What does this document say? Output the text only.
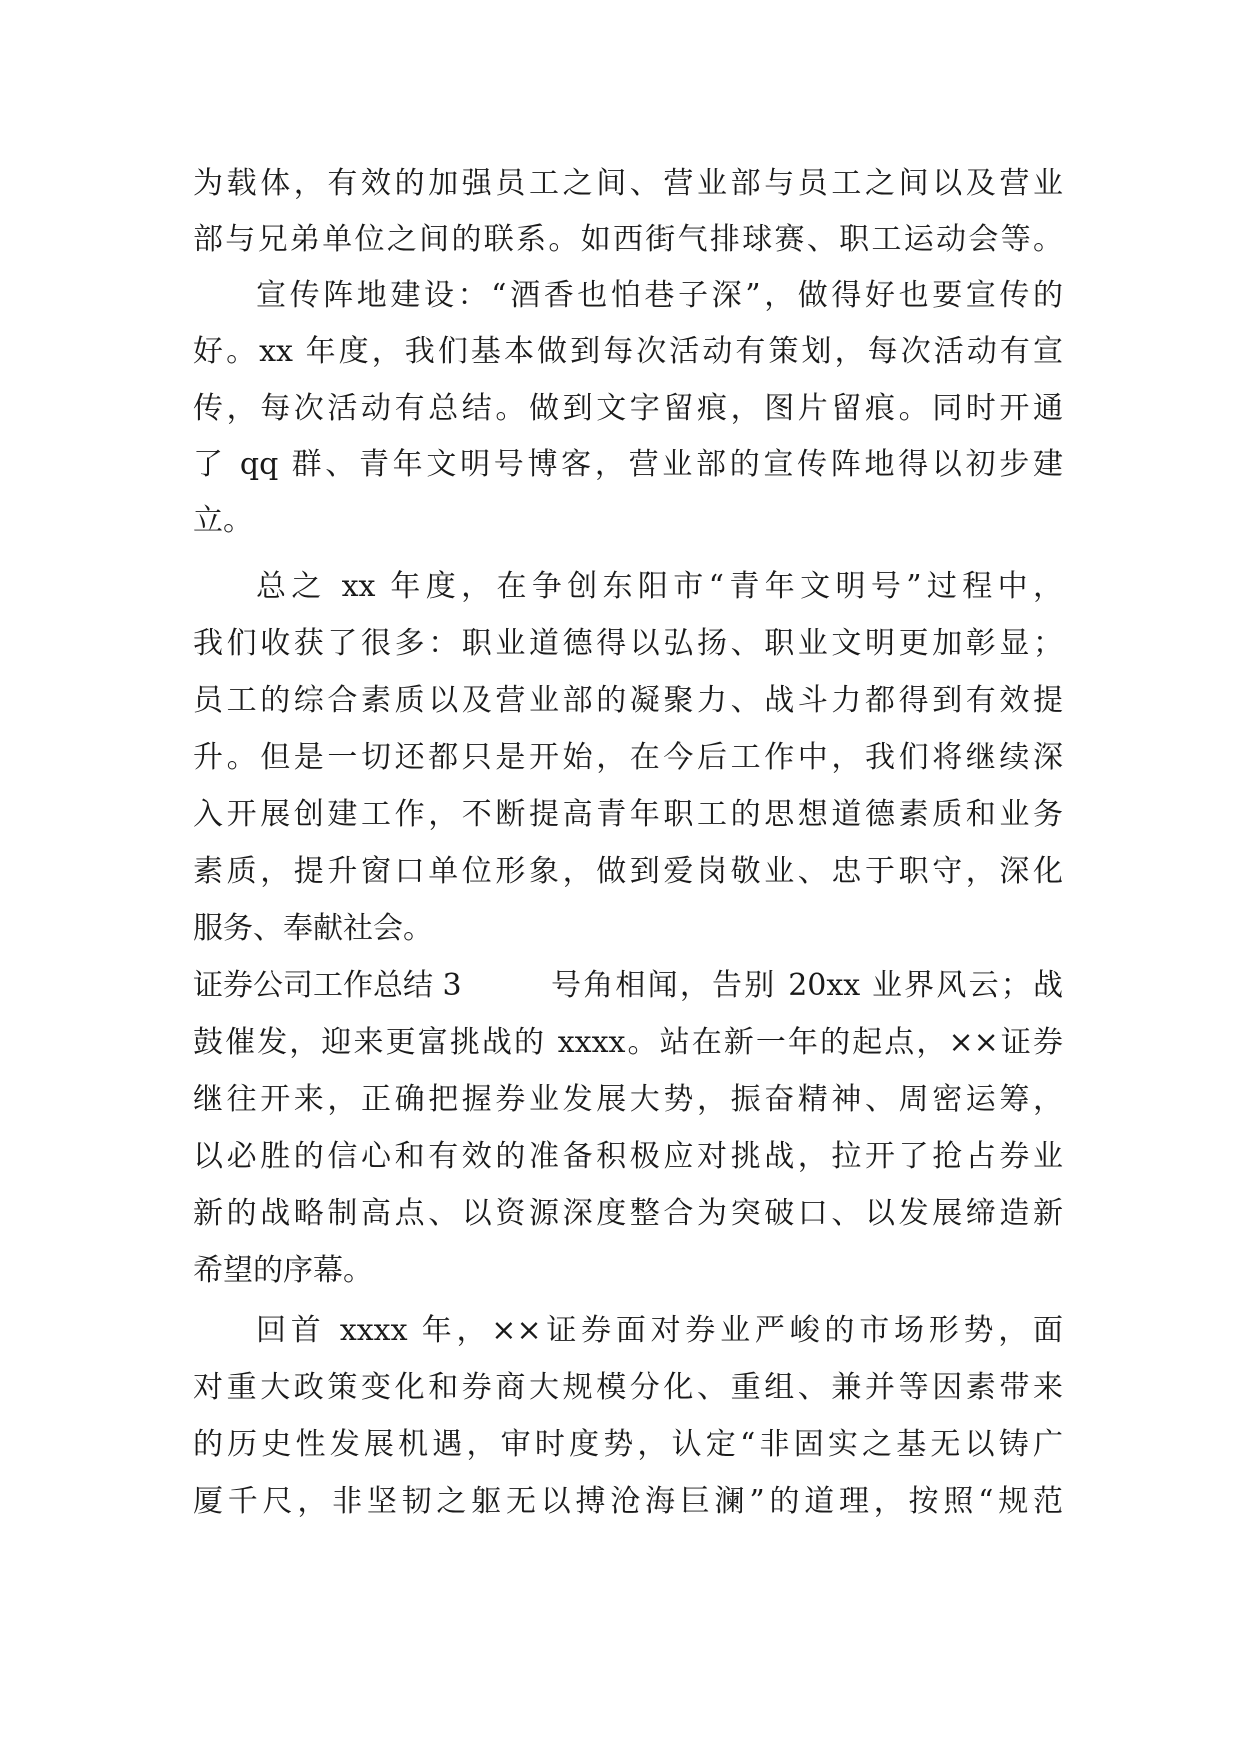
为载体，有效的加强员工之间、营业部与员工之间以及营业
部与兄弟单位之间的联系。如西街气排球赛、职工运动会等。
宣传阵地建设：“酒香也怕巷子深”，做得好也要宣传的
好。xx 年度，我们基本做到每次活动有策划，每次活动有宣
传，每次活动有总结。做到文字留痕，图片留痕。同时开通
了 qq 群、青年文明号博客，营业部的宣传阵地得以初步建
立。
总之 xx 年度，在争创东阳市“青年文明号”过程中，
我们收获了很多：职业道德得以弘扬、职业文明更加彰显；
员工的综合素质以及营业部的凝聚力、战斗力都得到有效提
升。但是一切还都只是开始，在今后工作中，我们将继续深
入开展创建工作，不断提高青年职工的思想道德素质和业务
素质，提升窗口单位形象，做到爱岗敬业、忠于职守，深化
服务、奉献社会。
证券公司工作总结 3	号角相闻，告别 20xx 业界风云；战
鼓催发，迎来更富挑战的 xxxx。站在新一年的起点，××证券
继往开来，正确把握券业发展大势，振奋精神、周密运筹，
以必胜的信心和有效的准备积极应对挑战，拉开了抢占券业
新的战略制高点、以资源深度整合为突破口、以发展缔造新
希望的序幕。
回首 xxxx 年，××证券面对券业严峻的市场形势，面
对重大政策变化和券商大规模分化、重组、兼并等因素带来
的历史性发展机遇，审时度势，认定“非固实之基无以铸广
厦千尺，非坚韧之躯无以搏沧海巨澜”的道理，按照“规范
